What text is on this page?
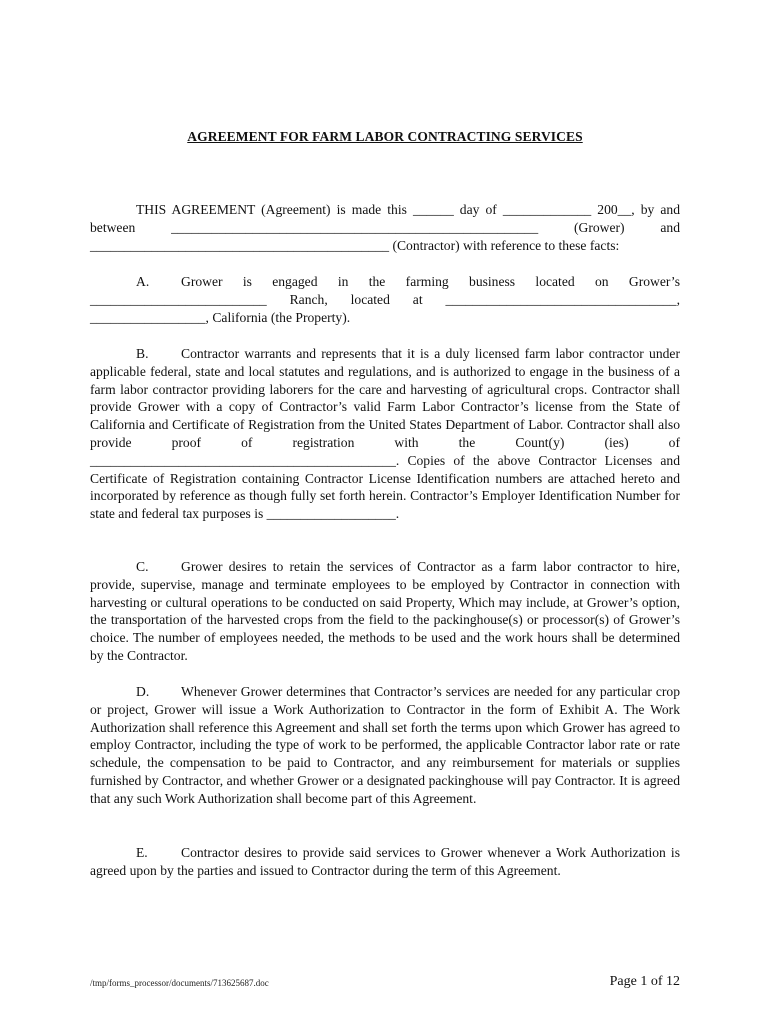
AGREEMENT FOR FARM LABOR CONTRACTING SERVICES

THIS AGREEMENT (Agreement) is made this ______ day of _____________ 200__, by and between ______________________________________________________ (Grower) and ____________________________________________ (Contractor) with reference to these facts:

A. Grower is engaged in the farming business located on Grower’s __________________________ Ranch, located at __________________________________, _________________, California (the Property).

B. Contractor warrants and represents that it is a duly licensed farm labor contractor under applicable federal, state and local statutes and regulations, and is authorized to engage in the business of a farm labor contractor providing laborers for the care and harvesting of agricultural crops. Contractor shall provide Grower with a copy of Contractor’s valid Farm Labor Contractor’s license from the State of California and Certificate of Registration from the United States Department of Labor. Contractor shall also provide proof of registration with the Count(y) (ies) of _____________________________________________. Copies of the above Contractor Licenses and Certificate of Registration containing Contractor License Identification numbers are attached hereto and incorporated by reference as though fully set forth herein. Contractor’s Employer Identification Number for state and federal tax purposes is ___________________.

C. Grower desires to retain the services of Contractor as a farm labor contractor to hire, provide, supervise, manage and terminate employees to be employed by Contractor in connection with harvesting or cultural operations to be conducted on said Property, Which may include, at Grower’s option, the transportation of the harvested crops from the field to the packinghouse(s) or processor(s) of Grower’s choice. The number of employees needed, the methods to be used and the work hours shall be determined by the Contractor.

D. Whenever Grower determines that Contractor’s services are needed for any particular crop or project, Grower will issue a Work Authorization to Contractor in the form of Exhibit A. The Work Authorization shall reference this Agreement and shall set forth the terms upon which Grower has agreed to employ Contractor, including the type of work to be performed, the applicable Contractor labor rate or rate schedule, the compensation to be paid to Contractor, and any reimbursement for materials or supplies furnished by Contractor, and whether Grower or a designated packinghouse will pay Contractor. It is agreed that any such Work Authorization shall become part of this Agreement.

E. Contractor desires to provide said services to Grower whenever a Work Authorization is agreed upon by the parties and issued to Contractor during the term of this Agreement.

/tmp/forms_processor/documents/713625687.doc	Page 1 of 12
